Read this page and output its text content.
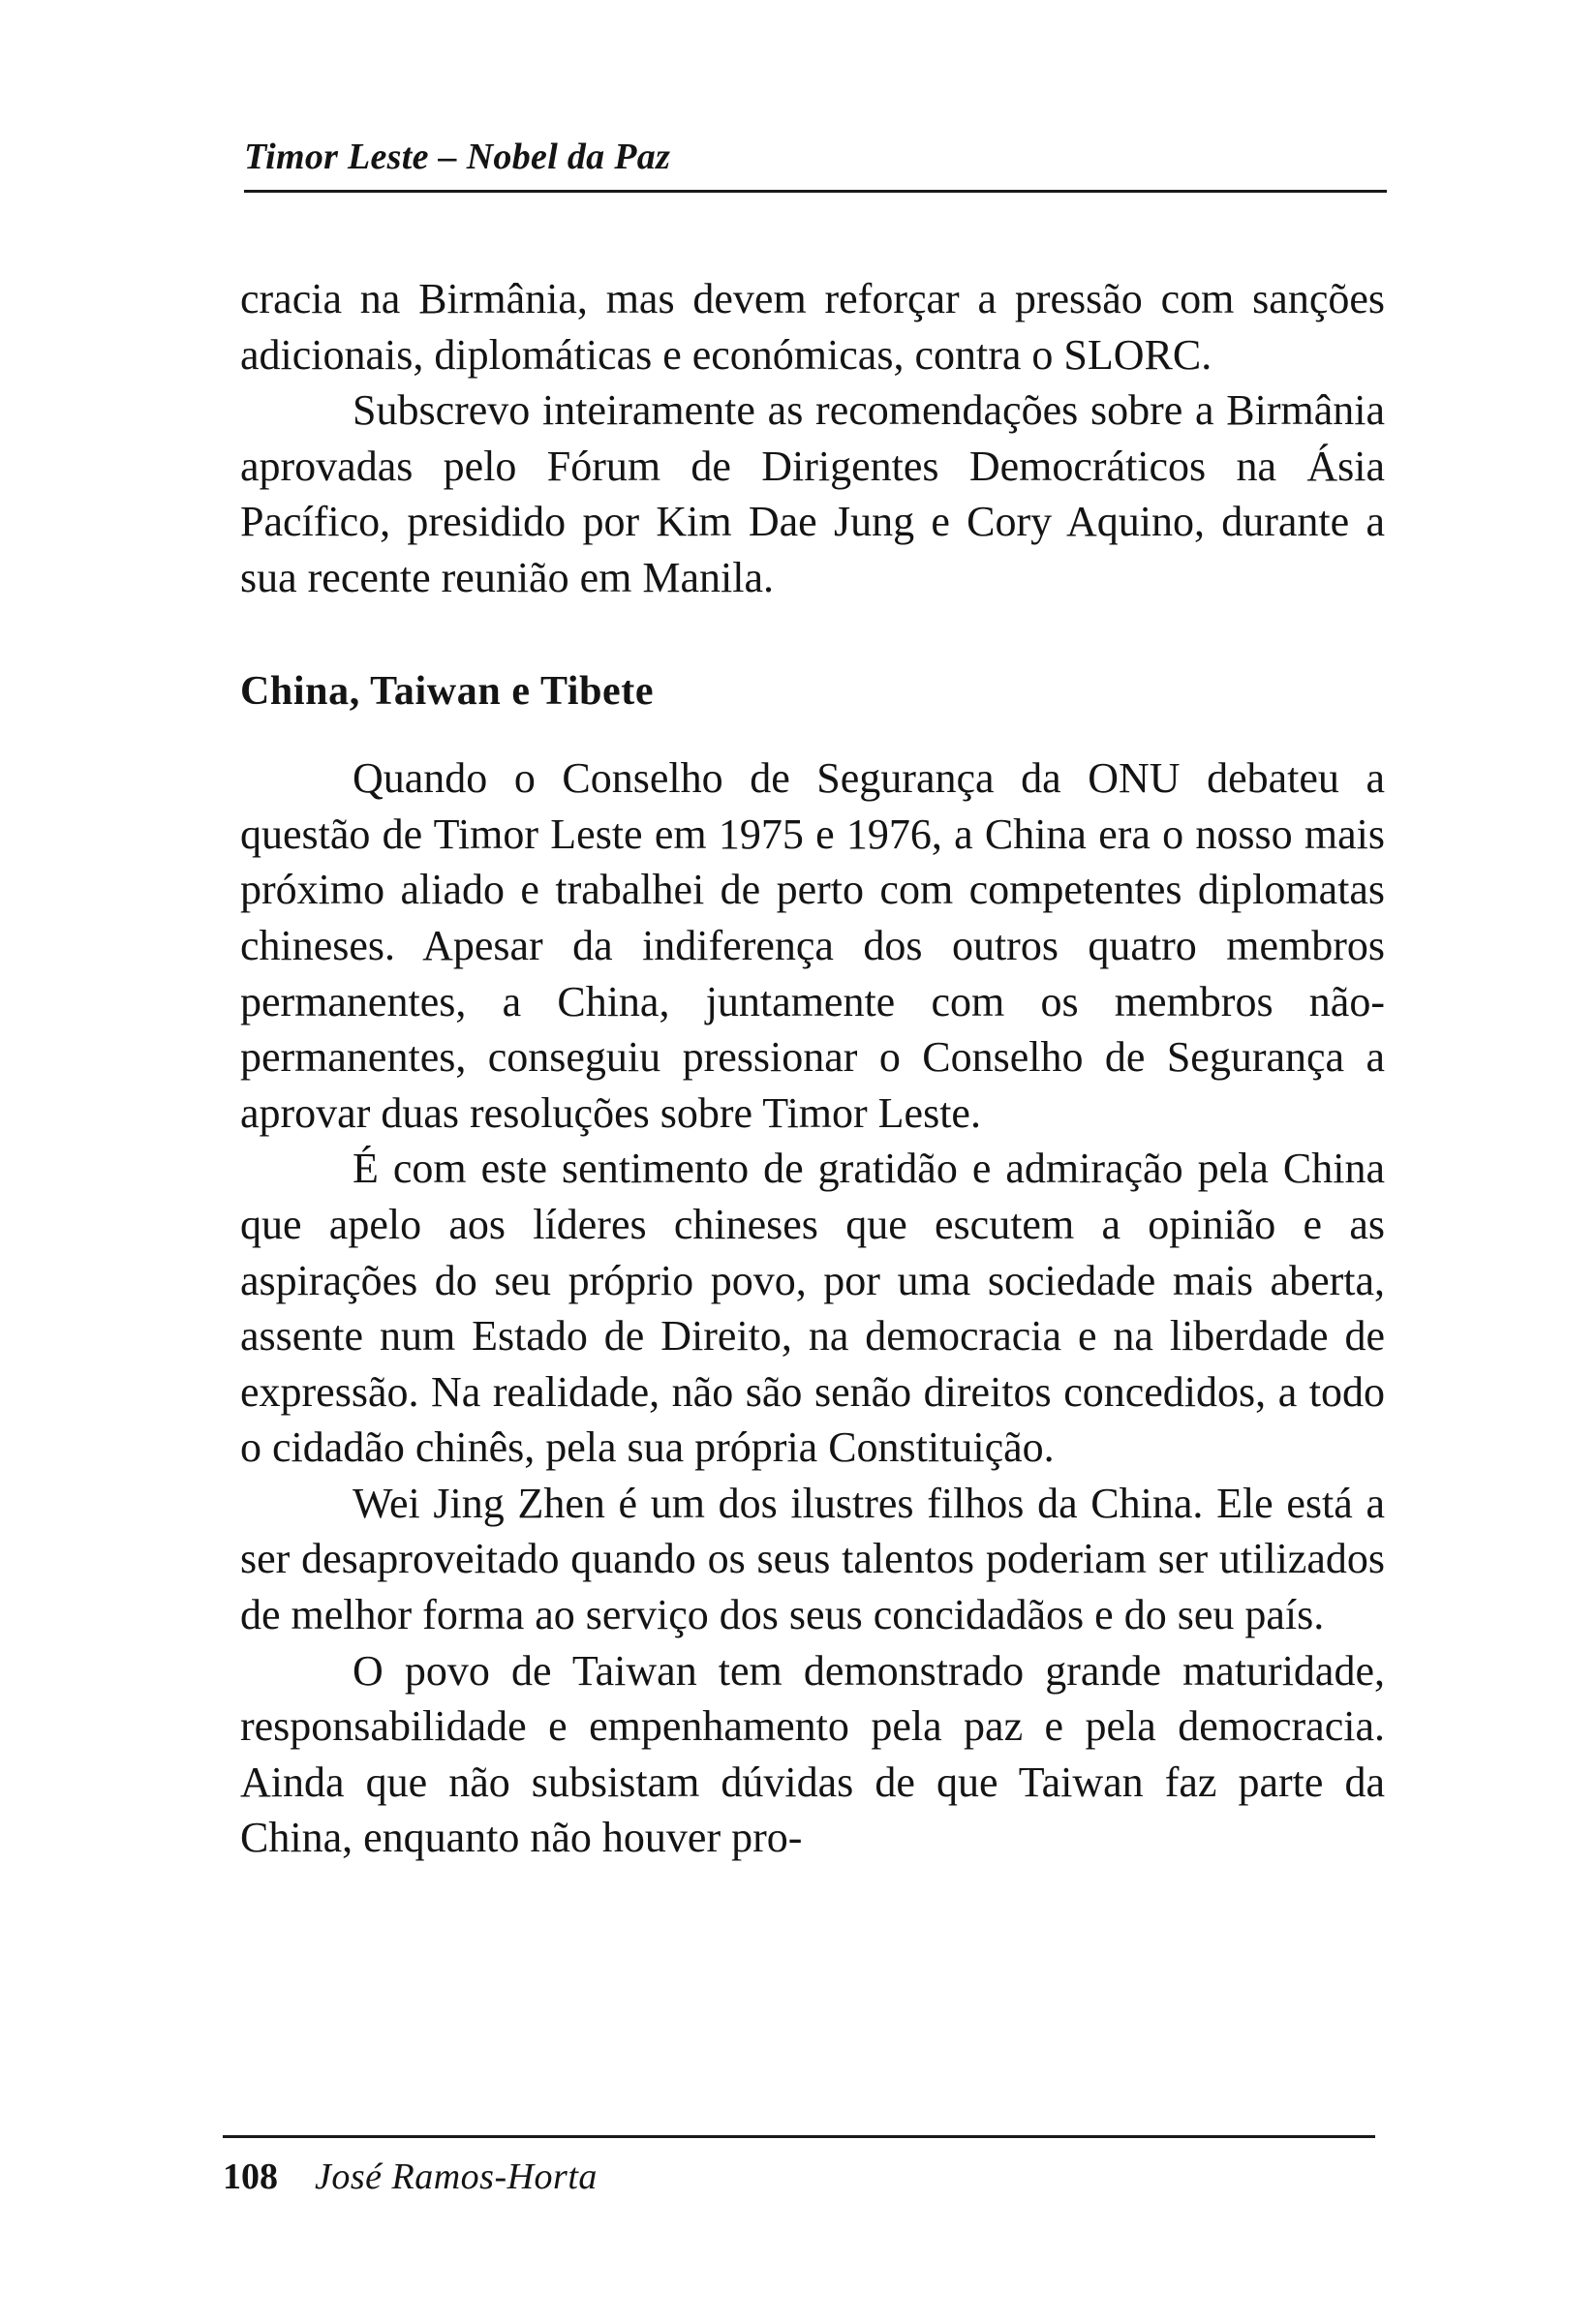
Timor Leste – Nobel da Paz

cracia na Birmânia, mas devem reforçar a pressão com sanções adicionais, diplomáticas e económicas, contra o SLORC.

Subscrevo inteiramente as recomendações sobre a Birmânia aprovadas pelo Fórum de Dirigentes Democráticos na Ásia Pacífico, presidido por Kim Dae Jung e Cory Aquino, durante a sua recente reunião em Manila.

China, Taiwan e Tibete

Quando o Conselho de Segurança da ONU debateu a questão de Timor Leste em 1975 e 1976, a China era o nosso mais próximo aliado e trabalhei de perto com competentes diplomatas chineses. Apesar da indiferença dos outros quatro membros permanentes, a China, juntamente com os membros não-permanentes, conseguiu pressionar o Conselho de Segurança a aprovar duas resoluções sobre Timor Leste.

É com este sentimento de gratidão e admiração pela China que apelo aos líderes chineses que escutem a opinião e as aspirações do seu próprio povo, por uma sociedade mais aberta, assente num Estado de Direito, na democracia e na liberdade de expressão. Na realidade, não são senão direitos concedidos, a todo o cidadão chinês, pela sua própria Constituição.

Wei Jing Zhen é um dos ilustres filhos da China. Ele está a ser desaproveitado quando os seus talentos poderiam ser utilizados de melhor forma ao serviço dos seus concidadãos e do seu país.

O povo de Taiwan tem demonstrado grande maturidade, responsabilidade e empenhamento pela paz e pela democracia. Ainda que não subsistam dúvidas de que Taiwan faz parte da China, enquanto não houver pro-

108 José Ramos-Horta
